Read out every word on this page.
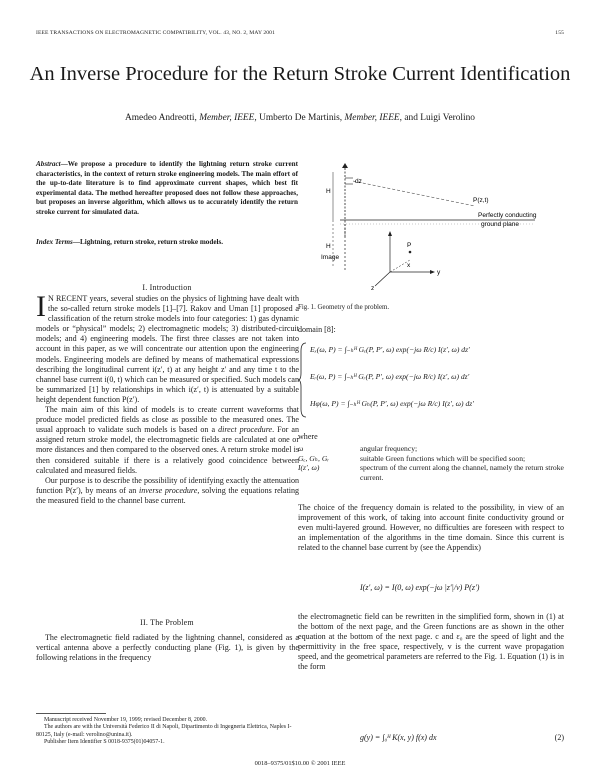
IEEE TRANSACTIONS ON ELECTROMAGNETIC COMPATIBILITY, VOL. 43, NO. 2, MAY 2001	155
An Inverse Procedure for the Return Stroke Current Identification
Amedeo Andreotti, Member, IEEE, Umberto De Martinis, Member, IEEE, and Luigi Verolino
Abstract—We propose a procedure to identify the lightning return stroke current characteristics, in the context of return stroke engineering models. The main effort of the up-to-date literature is to find approximate current shapes, which best fit experimental data. The method hereafter proposed does not follow these approaches, but proposes an inverse algorithm, which allows us to accurately identify the return stroke current for simulated data.
Index Terms—Lightning, return stroke, return stroke models.
I. Introduction

I N RECENT years, several studies on the physics of lightning have dealt with the so-called return stroke models [1]–[7]. Rakov and Uman [1] proposed a classification of the return stroke models into four categories: 1) gas dynamic models or “physical” models; 2) electromagnetic models; 3) distributed-circuit models; and 4) engineering models. The first three classes are not taken into account in this paper, as we will concentrate our attention upon the engineering models. Engineering models are defined by means of mathematical expressions describing the longitudinal current i(z′, t) at any height z′ and any time t to the channel base current i(0, t) which can be measured or specified. Such models can be summarized [1] by relationships in which i(z′, t) is attenuated by a suitable height dependent function P(z′).

The main aim of this kind of models is to create current waveforms that produce model predicted fields as close as possible to the measured ones. The usual approach to validate such models is based on a direct procedure. For an assigned return stroke model, the electromagnetic fields are calculated at one or more distances and then compared to the observed ones. A return stroke model is then considered suitable if there is a relatively good coincidence between calculated and measured fields.

Our purpose is to describe the possibility of identifying exactly the attenuation function P(z′), by means of an inverse procedure, solving the equations relating the measured field to the channel base current.

II. The Problem

The electromagnetic field radiated by the lightning channel, considered as a vertical antenna above a perfectly conducting plane (Fig. 1), is given by the following relations in the frequency

Manuscript received November 19, 1999; revised December 8, 2000.
The authors are with the Università Federico II di Napoli, Dipartimento di Ingegneria Elettrica, Naples I-80125, Italy (e-mail: verolino@unina.it).
Publisher Item Identifier S 0018-9375(01)04057-1.
H
H
dz
P(z,t)
Perfectly conducting
ground plane
Image
P
x
y
z
Fig. 1. Geometry of the problem.
domain [8]:
Eₓ(ω, P) = ∫₋ₕᴴ Gₑ(P, P′, ω) exp(−jω R/c) I(z′, ω) dz′
Eᵣ(ω, P) = ∫₋ₕᴴ Gᵣ(P, P′, ω) exp(−jω R/c) I(z′, ω) dz′
Hφ(ω, P) = ∫₋ₕᴴ Gₕ(P, P′, ω) exp(−jω R/c) I(z′, ω) dz′
where
ω	angular frequency;
Gₑ, Gₕ, Gᵣ	suitable Green functions which will be specified soon;
I(z′, ω)	spectrum of the current along the channel, namely the return stroke current.
The choice of the frequency domain is related to the possibility, in view of an improvement of this work, of taking into account finite conductivity ground or even multi-layered ground. However, no difficulties are foreseen with respect to an implementation of the algorithms in the time domain. Since this current is related to the channel base current by (see the Appendix)
I(z′, ω) = I(0, ω) exp(−jω |z′|/v) P(z′)
the electromagnetic field can be rewritten in the simplified form, shown in (1) at the bottom of the next page, and the Green functions are as shown in the other equation at the bottom of the next page. c and ε₀ are the speed of light and the permittivity in the free space, respectively, v is the current wave propagation speed, and the geometrical parameters are referred to the Fig. 1. Equation (1) is in the form
g(y) = ∫₀ᴴ K(x, y) f(x) dx	(2)
0018–9375/01$10.00 © 2001 IEEE
